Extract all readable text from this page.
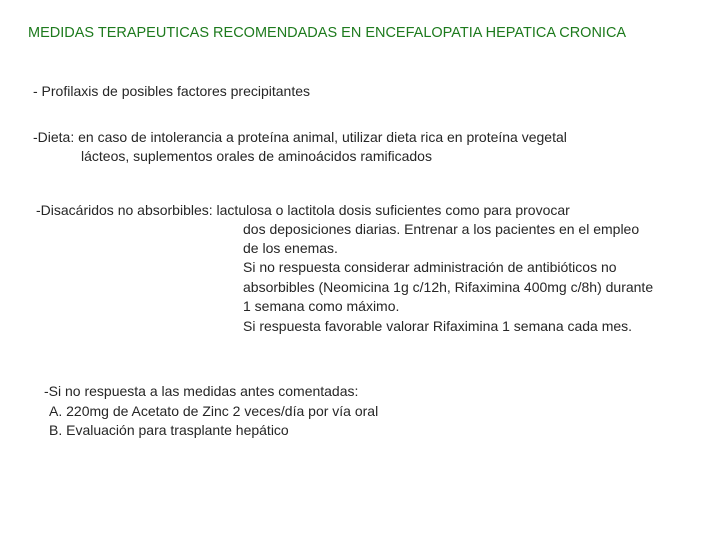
MEDIDAS TERAPEUTICAS RECOMENDADAS EN ENCEFALOPATIA HEPATICA CRONICA
- Profilaxis de posibles factores precipitantes
-Dieta: en caso de intolerancia a proteína animal, utilizar dieta rica en proteína vegetal
lácteos, suplementos orales de aminoácidos ramificados
-Disacáridos no absorbibles: lactulosa o lactitola dosis suficientes como para provocar
dos deposiciones diarias. Entrenar a los pacientes en el empleo
de los enemas.
Si no respuesta considerar administración de antibióticos no
absorbibles (Neomicina 1g c/12h, Rifaximina 400mg c/8h) durante
1 semana como máximo.
Si respuesta favorable valorar Rifaximina 1 semana cada mes.
-Si no respuesta a las medidas antes comentadas:
A. 220mg de Acetato de Zinc 2 veces/día por vía oral
B. Evaluación para trasplante hepático
